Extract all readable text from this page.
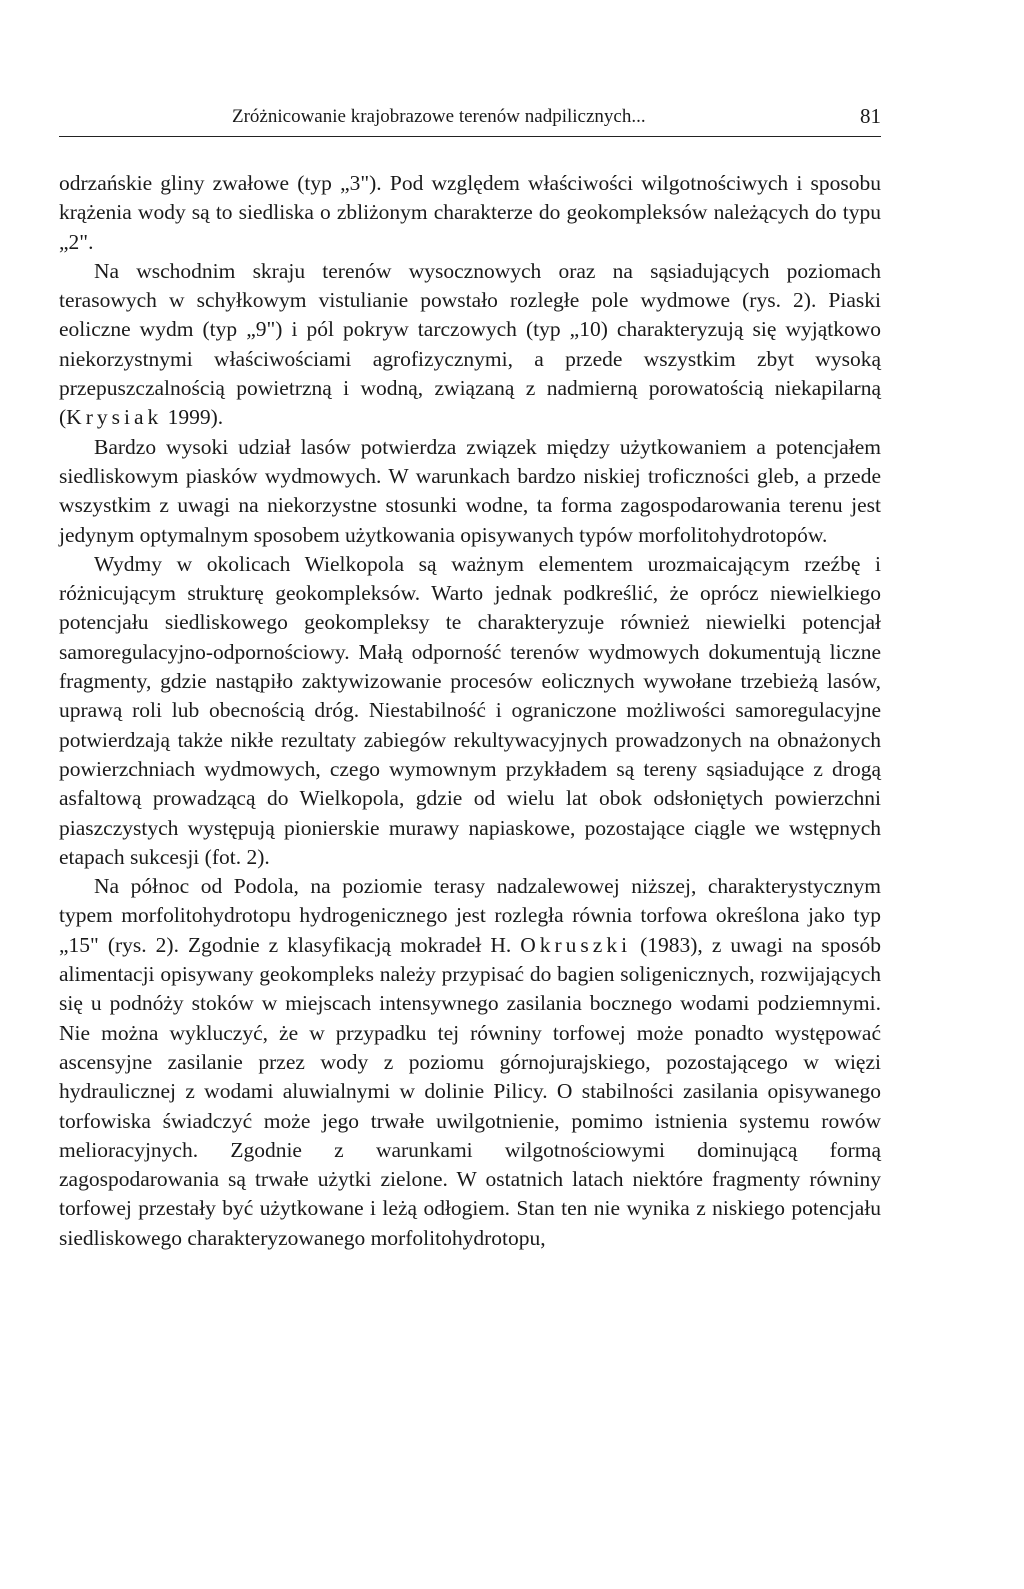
Zróżnicowanie krajobrazowe terenów nadpilicznych...	81

odrzańskie gliny zwałowe (typ „3"). Pod względem właściwości wilgotnościwych i sposobu krążenia wody są to siedliska o zbliżonym charakterze do geokompleksów należących do typu „2".

Na wschodnim skraju terenów wysocznowych oraz na sąsiadujących poziomach terasowych w schyłkowym vistulianie powstało rozległe pole wydmowe (rys. 2). Piaski eoliczne wydm (typ „9") i pól pokryw tarczowych (typ „10) charakteryzują się wyjątkowo niekorzystnymi właściwościami agrofizycznymi, a przede wszystkim zbyt wysoką przepuszczalnością powietrzną i wodną, związaną z nadmierną porowatością niekapilarną (Krysiak 1999).

Bardzo wysoki udział lasów potwierdza związek między użytkowaniem a potencjałem siedliskowym piasków wydmowych. W warunkach bardzo niskiej troficzności gleb, a przede wszystkim z uwagi na niekorzystne stosunki wodne, ta forma zagospodarowania terenu jest jedynym optymalnym sposobem użytkowania opisywanych typów morfolitohydrotopów.

Wydmy w okolicach Wielkopola są ważnym elementem urozmaicającym rzeźbę i różnicującym strukturę geokompleksów. Warto jednak podkreślić, że oprócz niewielkiego potencjału siedliskowego geokompleksy te charakteryzuje również niewielki potencjał samoregulacyjno-odpornościowy. Małą odporność terenów wydmowych dokumentują liczne fragmenty, gdzie nastąpiło zaktywizowanie procesów eolicznych wywołane trzebieżą lasów, uprawą roli lub obecnością dróg. Niestabilność i ograniczone możliwości samoregulacyjne potwierdzają także nikłe rezultaty zabiegów rekultywacyjnych prowadzonych na obnażonych powierzchniach wydmowych, czego wymownym przykładem są tereny sąsiadujące z drogą asfaltową prowadzącą do Wielkopola, gdzie od wielu lat obok odsłoniętych powierzchni piaszczystych występują pionierskie murawy napiaskowe, pozostające ciągle we wstępnych etapach sukcesji (fot. 2).

Na północ od Podola, na poziomie terasy nadzalewowej niższej, charakterystycznym typem morfolitohydrotopu hydrogenicznego jest rozległa równia torfowa określona jako typ „15" (rys. 2). Zgodnie z klasyfikacją mokradeł H. Okruszki (1983), z uwagi na sposób alimentacji opisywany geokompleks należy przypisać do bagien soligenicznych, rozwijających się u podnóży stoków w miejscach intensywnego zasilania bocznego wodami podziemnymi. Nie można wykluczyć, że w przypadku tej równiny torfowej może ponadto występować ascensyjne zasilanie przez wody z poziomu górnojurajskiego, pozostającego w więzi hydraulicznej z wodami aluwialnymi w dolinie Pilicy. O stabilności zasilania opisywanego torfowiska świadczyć może jego trwałe uwilgotnienie, pomimo istnienia systemu rowów melioracyjnych. Zgodnie z warunkami wilgotnościowymi dominującą formą zagospodarowania są trwałe użytki zielone. W ostatnich latach niektóre fragmenty równiny torfowej przestały być użytkowane i leżą odłogiem. Stan ten nie wynika z niskiego potencjału siedliskowego charakteryzowanego morfolitohydrotopu,
